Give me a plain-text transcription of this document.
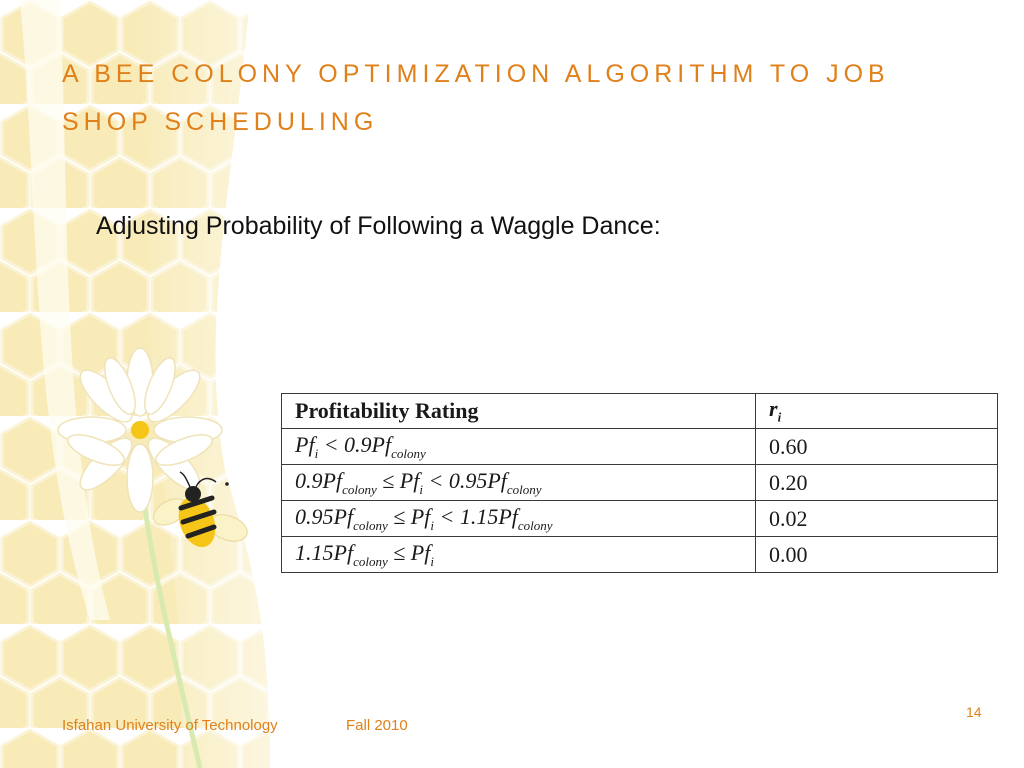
A BEE COLONY OPTIMIZATION ALGORITHM TO JOB SHOP SCHEDULING

Adjusting Probability of Following a Waggle Dance:

Profitability Rating	$r_i$
$Pf_i < 0.9Pf_{colony}$	0.60
$0.9Pf_{colony} \le Pf_i < 0.95Pf_{colony}$	0.20
$0.95Pf_{colony} \le Pf_i < 1.15Pf_{colony}$	0.02
$1.15Pf_{colony} \le Pf_i$	0.00
Isfahan University of Technology	Fall 2010
14
